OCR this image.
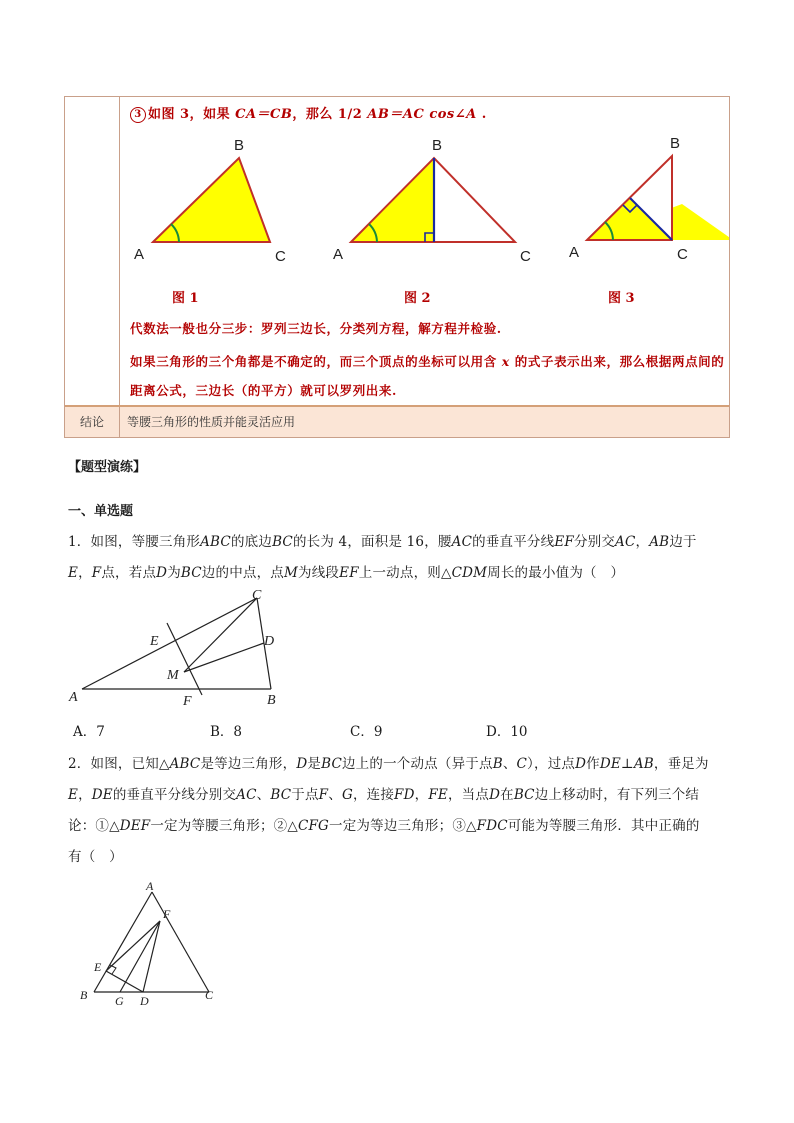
3 如图 3，如果 CA＝CB，那么 1/2 AB＝AC cos∠A .
A
B
C	A
B
C	A
B
C
图 1	图 2	图 3
代数法一般也分三步：罗列三边长，分类列方程，解方程并检验.
如果三角形的三个角都是不确定的，而三个顶点的坐标可以用含 x 的式子表示出来，那么根据两点间的距离公式，三边长（的平方）就可以罗列出来.
结论	等腰三角形的性质并能灵活应用
【题型演练】
一、单选题
1．如图，等腰三角形ABC的底边BC的长为 4，面积是 16，腰AC的垂直平分线EF分别交AC，AB边于
E，F点，若点D为BC边的中点，点M为线段EF上一动点，则△CDM周长的最小值为（　）
A	B
C
D
E
F
M
A．7	B．8	C．9	D．10
2．如图，已知△ABC是等边三角形，D是BC边上的一个动点（异于点B、C），过点D作DE⊥AB，垂足为
E，DE的垂直平分线分别交AC、BC于点F、G，连接FD，FE，当点D在BC边上移动时，有下列三个结
论：①△DEF一定为等腰三角形；②△CFG一定为等边三角形；③△FDC可能为等腰三角形．其中正确的
有（　）
A
B	C
D
E
F
G
